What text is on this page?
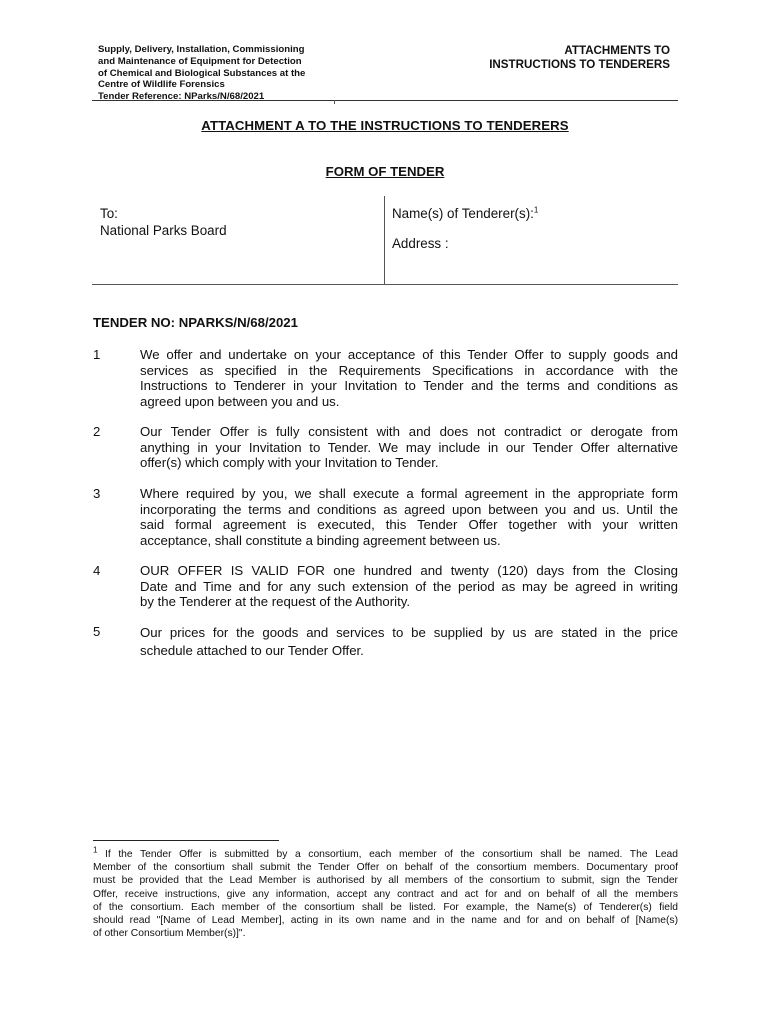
Supply, Delivery, Installation, Commissioning
and Maintenance of Equipment for Detection
of Chemical and Biological Substances at the
Centre of Wildlife Forensics
Tender Reference: NParks/N/68/2021
ATTACHMENTS TO
INSTRUCTIONS TO TENDERERS
ATTACHMENT A TO THE INSTRUCTIONS TO TENDERERS
FORM OF TENDER
To:
National Parks Board
Name(s) of Tenderer(s):$^1$
Address :
TENDER NO: NPARKS/N/68/2021
1	We offer and undertake on your acceptance of this Tender Offer to supply goods and
services as specified in the Requirements Specifications in accordance with the
Instructions to Tenderer in your Invitation to Tender and the terms and conditions as
agreed upon between you and us.
2	Our Tender Offer is fully consistent with and does not contradict or derogate from
anything in your Invitation to Tender. We may include in our Tender Offer alternative
offer(s) which comply with your Invitation to Tender.
3	Where required by you, we shall execute a formal agreement in the appropriate form
incorporating the terms and conditions as agreed upon between you and us. Until the
said formal agreement is executed, this Tender Offer together with your written
acceptance, shall constitute a binding agreement between us.
4	OUR OFFER IS VALID FOR one hundred and twenty (120) days from the Closing
Date and Time and for any such extension of the period as may be agreed in writing
by the Tenderer at the request of the Authority.
5	Our prices for the goods and services to be supplied by us are stated in the price
schedule attached to our Tender Offer.
$^1$ If the Tender Offer is submitted by a consortium, each member of the consortium shall be named. The Lead
Member of the consortium shall submit the Tender Offer on behalf of the consortium members. Documentary proof
must be provided that the Lead Member is authorised by all members of the consortium to submit, sign the Tender
Offer, receive instructions, give any information, accept any contract and act for and on behalf of all the members
of the consortium. Each member of the consortium shall be listed. For example, the Name(s) of Tenderer(s) field
should read "[Name of Lead Member], acting in its own name and in the name and for and on behalf of [Name(s)
of other Consortium Member(s)]".
